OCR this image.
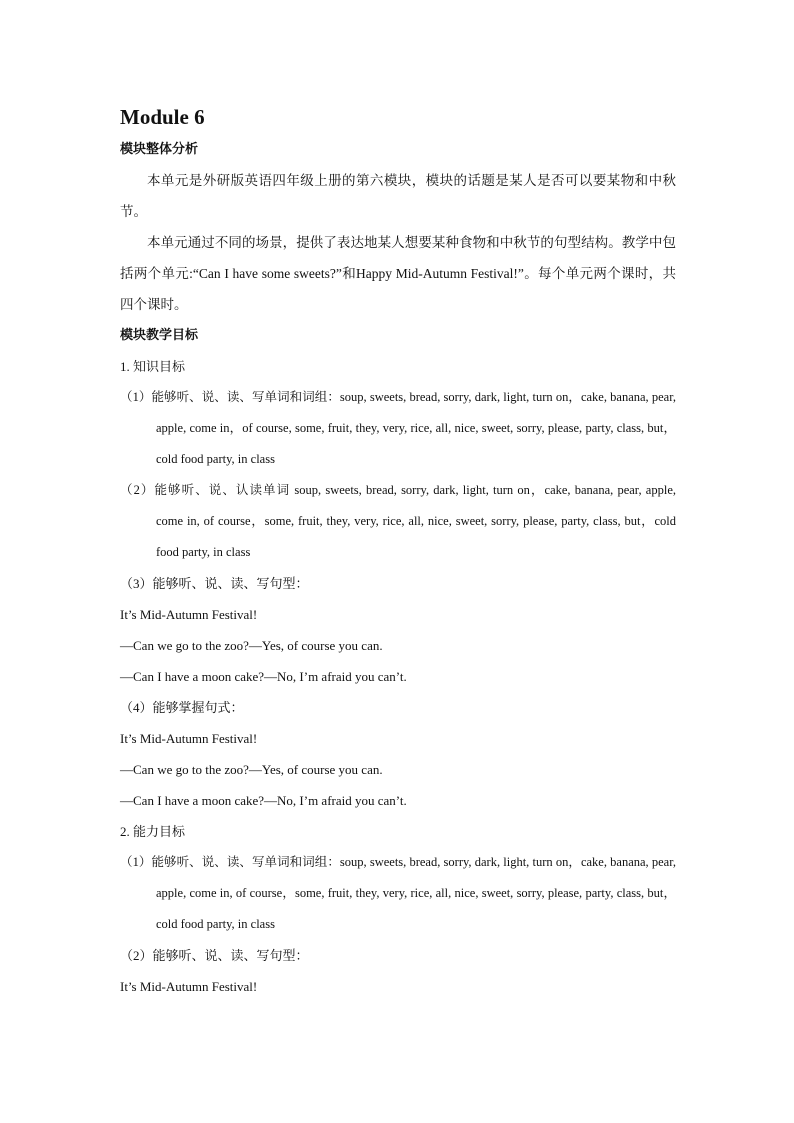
Module 6

模块整体分析

本单元是外研版英语四年级上册的第六模块，模块的话题是某人是否可以要某物和中秋节。

本单元通过不同的场景，提供了表达地某人想要某种食物和中秋节的句型结构。教学中包括两个单元:“Can I have some sweets?”和Happy Mid-Autumn Festival!”。每个单元两个课时，共四个课时。

模块教学目标

1. 知识目标

（1）能够听、说、读、写单词和词组：soup, sweets, bread, sorry, dark, light, turn on，cake, banana, pear, apple, come in，of course, some, fruit, they, very, rice, all, nice, sweet, sorry, please, party, class, but，cold food party, in class

（2）能够听、说、认读单词 soup, sweets, bread, sorry, dark, light, turn on，cake, banana, pear, apple, come in, of course，some, fruit, they, very, rice, all, nice, sweet, sorry, please, party, class, but，cold food party, in class

（3）能够听、说、读、写句型：

It’s Mid-Autumn Festival!

—Can we go to the zoo?—Yes, of course you can.

—Can I have a moon cake?—No, I’m afraid you can’t.

（4）能够掌握句式：

It’s Mid-Autumn Festival!

—Can we go to the zoo?—Yes, of course you can.

—Can I have a moon cake?—No, I’m afraid you can’t.

2. 能力目标

（1）能够听、说、读、写单词和词组：soup, sweets, bread, sorry, dark, light, turn on，cake, banana, pear, apple, come in, of course，some, fruit, they, very, rice, all, nice, sweet, sorry, please, party, class, but，cold food party, in class

（2）能够听、说、读、写句型：

It’s Mid-Autumn Festival!
